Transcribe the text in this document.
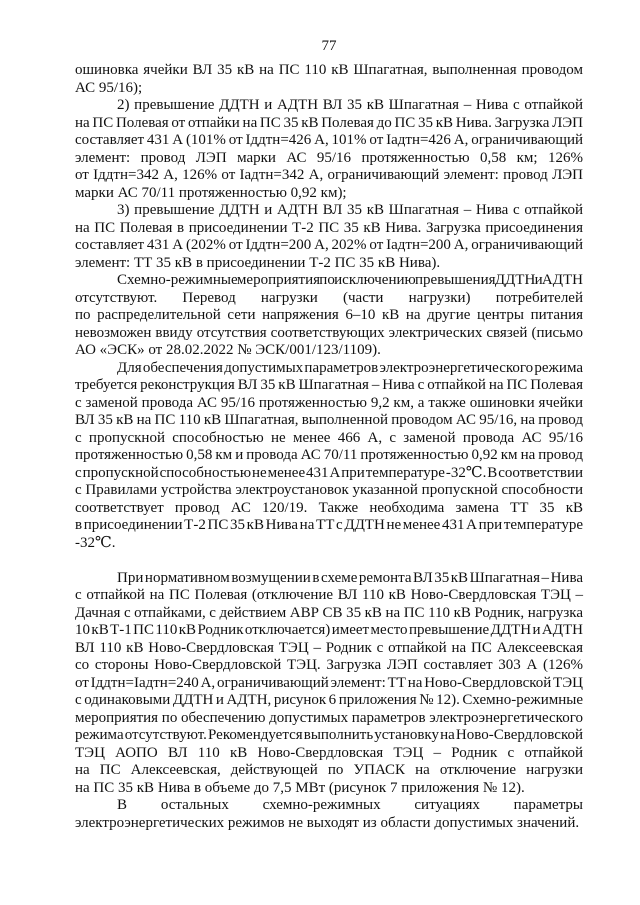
77
ошиновка ячейки ВЛ 35 кВ на ПС 110 кВ Шпагатная, выполненная проводом
АС 95/16);
2) превышение ДДТН и АДТН ВЛ 35 кВ Шпагатная – Нива с отпайкой
на ПС Полевая от отпайки на ПС 35 кВ Полевая до ПС 35 кВ Нива. Загрузка ЛЭП
составляет 431 А (101% от Iддтн=426 А, 101% от Iадтн=426 А, ограничивающий
элемент: провод ЛЭП марки АС 95/16 протяженностью 0,58 км; 126%
от Iддтн=342 А, 126% от Iадтн=342 А, ограничивающий элемент: провод ЛЭП
марки АС 70/11 протяженностью 0,92 км);
3) превышение ДДТН и АДТН ВЛ 35 кВ Шпагатная – Нива с отпайкой
на ПС Полевая в присоединении Т-2 ПС 35 кВ Нива. Загрузка присоединения
составляет 431 А (202% от Iддтн=200 А, 202% от Iадтн=200 А, ограничивающий
элемент: ТТ 35 кВ в присоединении Т-2 ПС 35 кВ Нива).
Схемно-режимные мероприятия по исключению превышения ДДТН и АДТН
отсутствуют. Перевод нагрузки (части нагрузки) потребителей
по распределительной сети напряжения 6–10 кВ на другие центры питания
невозможен ввиду отсутствия соответствующих электрических связей (письмо
АО «ЭСК» от 28.02.2022 № ЭСК/001/123/1109).
Для обеспечения допустимых параметров электроэнергетического режима
требуется реконструкция ВЛ 35 кВ Шпагатная – Нива с отпайкой на ПС Полевая
с заменой провода АС 95/16 протяженностью 9,2 км, а также ошиновки ячейки
ВЛ 35 кВ на ПС 110 кВ Шпагатная, выполненной проводом АС 95/16, на провод
с пропускной способностью не менее 466 А, с заменой провода АС 95/16
протяженностью 0,58 км и провода АС 70/11 протяженностью 0,92 км на провод
с пропускной способностью не менее 431 А при температуре -32℃. В соответствии
с Правилами устройства электроустановок указанной пропускной способности
соответствует провод АС 120/19. Также необходима замена ТТ 35 кВ
в присоединении Т-2 ПС 35 кВ Нива на ТТ с ДДТН не менее 431 А при температуре
-32℃.
При нормативном возмущении в схеме ремонта ВЛ 35 кВ Шпагатная – Нива
с отпайкой на ПС Полевая (отключение ВЛ 110 кВ Ново-Свердловская ТЭЦ –
Дачная с отпайками, с действием АВР СВ 35 кВ на ПС 110 кВ Родник, нагрузка
10 кВ Т-1 ПС 110 кВ Родник отключается) имеет место превышение ДДТН и АДТН
ВЛ 110 кВ Ново-Свердловская ТЭЦ – Родник с отпайкой на ПС Алексеевская
со стороны Ново-Свердловской ТЭЦ. Загрузка ЛЭП составляет 303 А (126%
от Iддтн=Iадтн=240 А, ограничивающий элемент: ТТ на Ново-Свердловской ТЭЦ
с одинаковыми ДДТН и АДТН, рисунок 6 приложения № 12). Схемно-режимные
мероприятия по обеспечению допустимых параметров электроэнергетического
режима отсутствуют. Рекомендуется выполнить установку на Ново-Свердловской
ТЭЦ АОПО ВЛ 110 кВ Ново-Свердловская ТЭЦ – Родник с отпайкой
на ПС Алексеевская, действующей по УПАСК на отключение нагрузки
на ПС 35 кВ Нива в объеме до 7,5 МВт (рисунок 7 приложения № 12).
В остальных схемно-режимных ситуациях параметры
электроэнергетических режимов не выходят из области допустимых значений.
